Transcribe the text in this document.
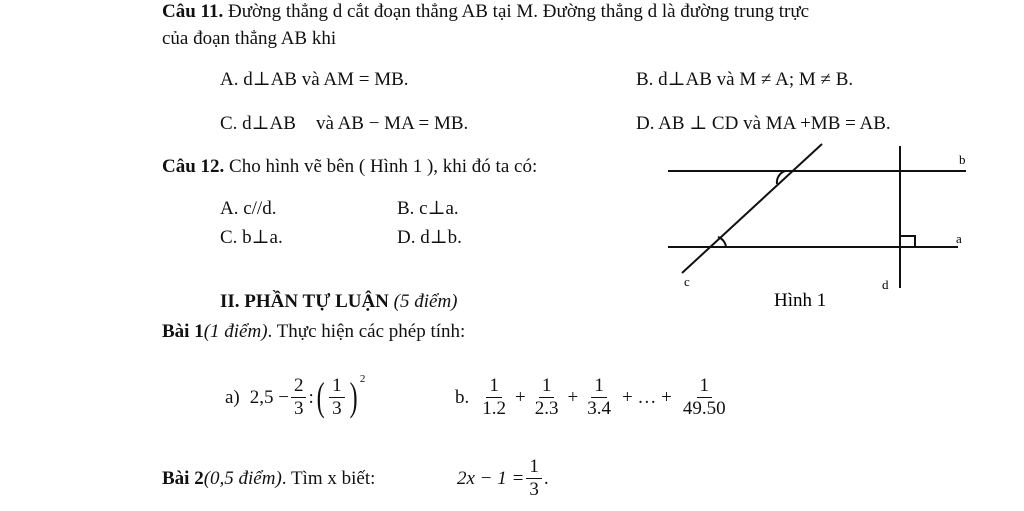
Câu 11. Đường thẳng d cắt đoạn thẳng AB tại M. Đường thẳng d là đường trung trực
của đoạn thẳng AB khi
A. d⊥AB và AM = MB.	B. d⊥AB và M ≠ A; M ≠ B.
C. d⊥AB và AB − MA = MB.	D. AB ⊥ CD và MA +MB = AB.
Câu 12. Cho hình vẽ bên ( Hình 1 ), khi đó ta có:
A. c//d.	B. c⊥a.
C. b⊥a.	D. d⊥b.
b
a
c	d
Hình 1
II. PHẦN TỰ LUẬN (5 điểm)
Bài 1(1 điểm). Thực hiện các phép tính:
a) $2,5 - \frac{2}{3}$ : ( $\frac{1}{3}$ ) 2
b. $\frac{1}{1.2} + \frac{1}{2.3} + \frac{1}{3.4}$ + … + $\frac{1}{49.50}$
Bài 2(0,5 điểm). Tìm x biết:	$2x - 1 = \frac{1}{3}$ .
